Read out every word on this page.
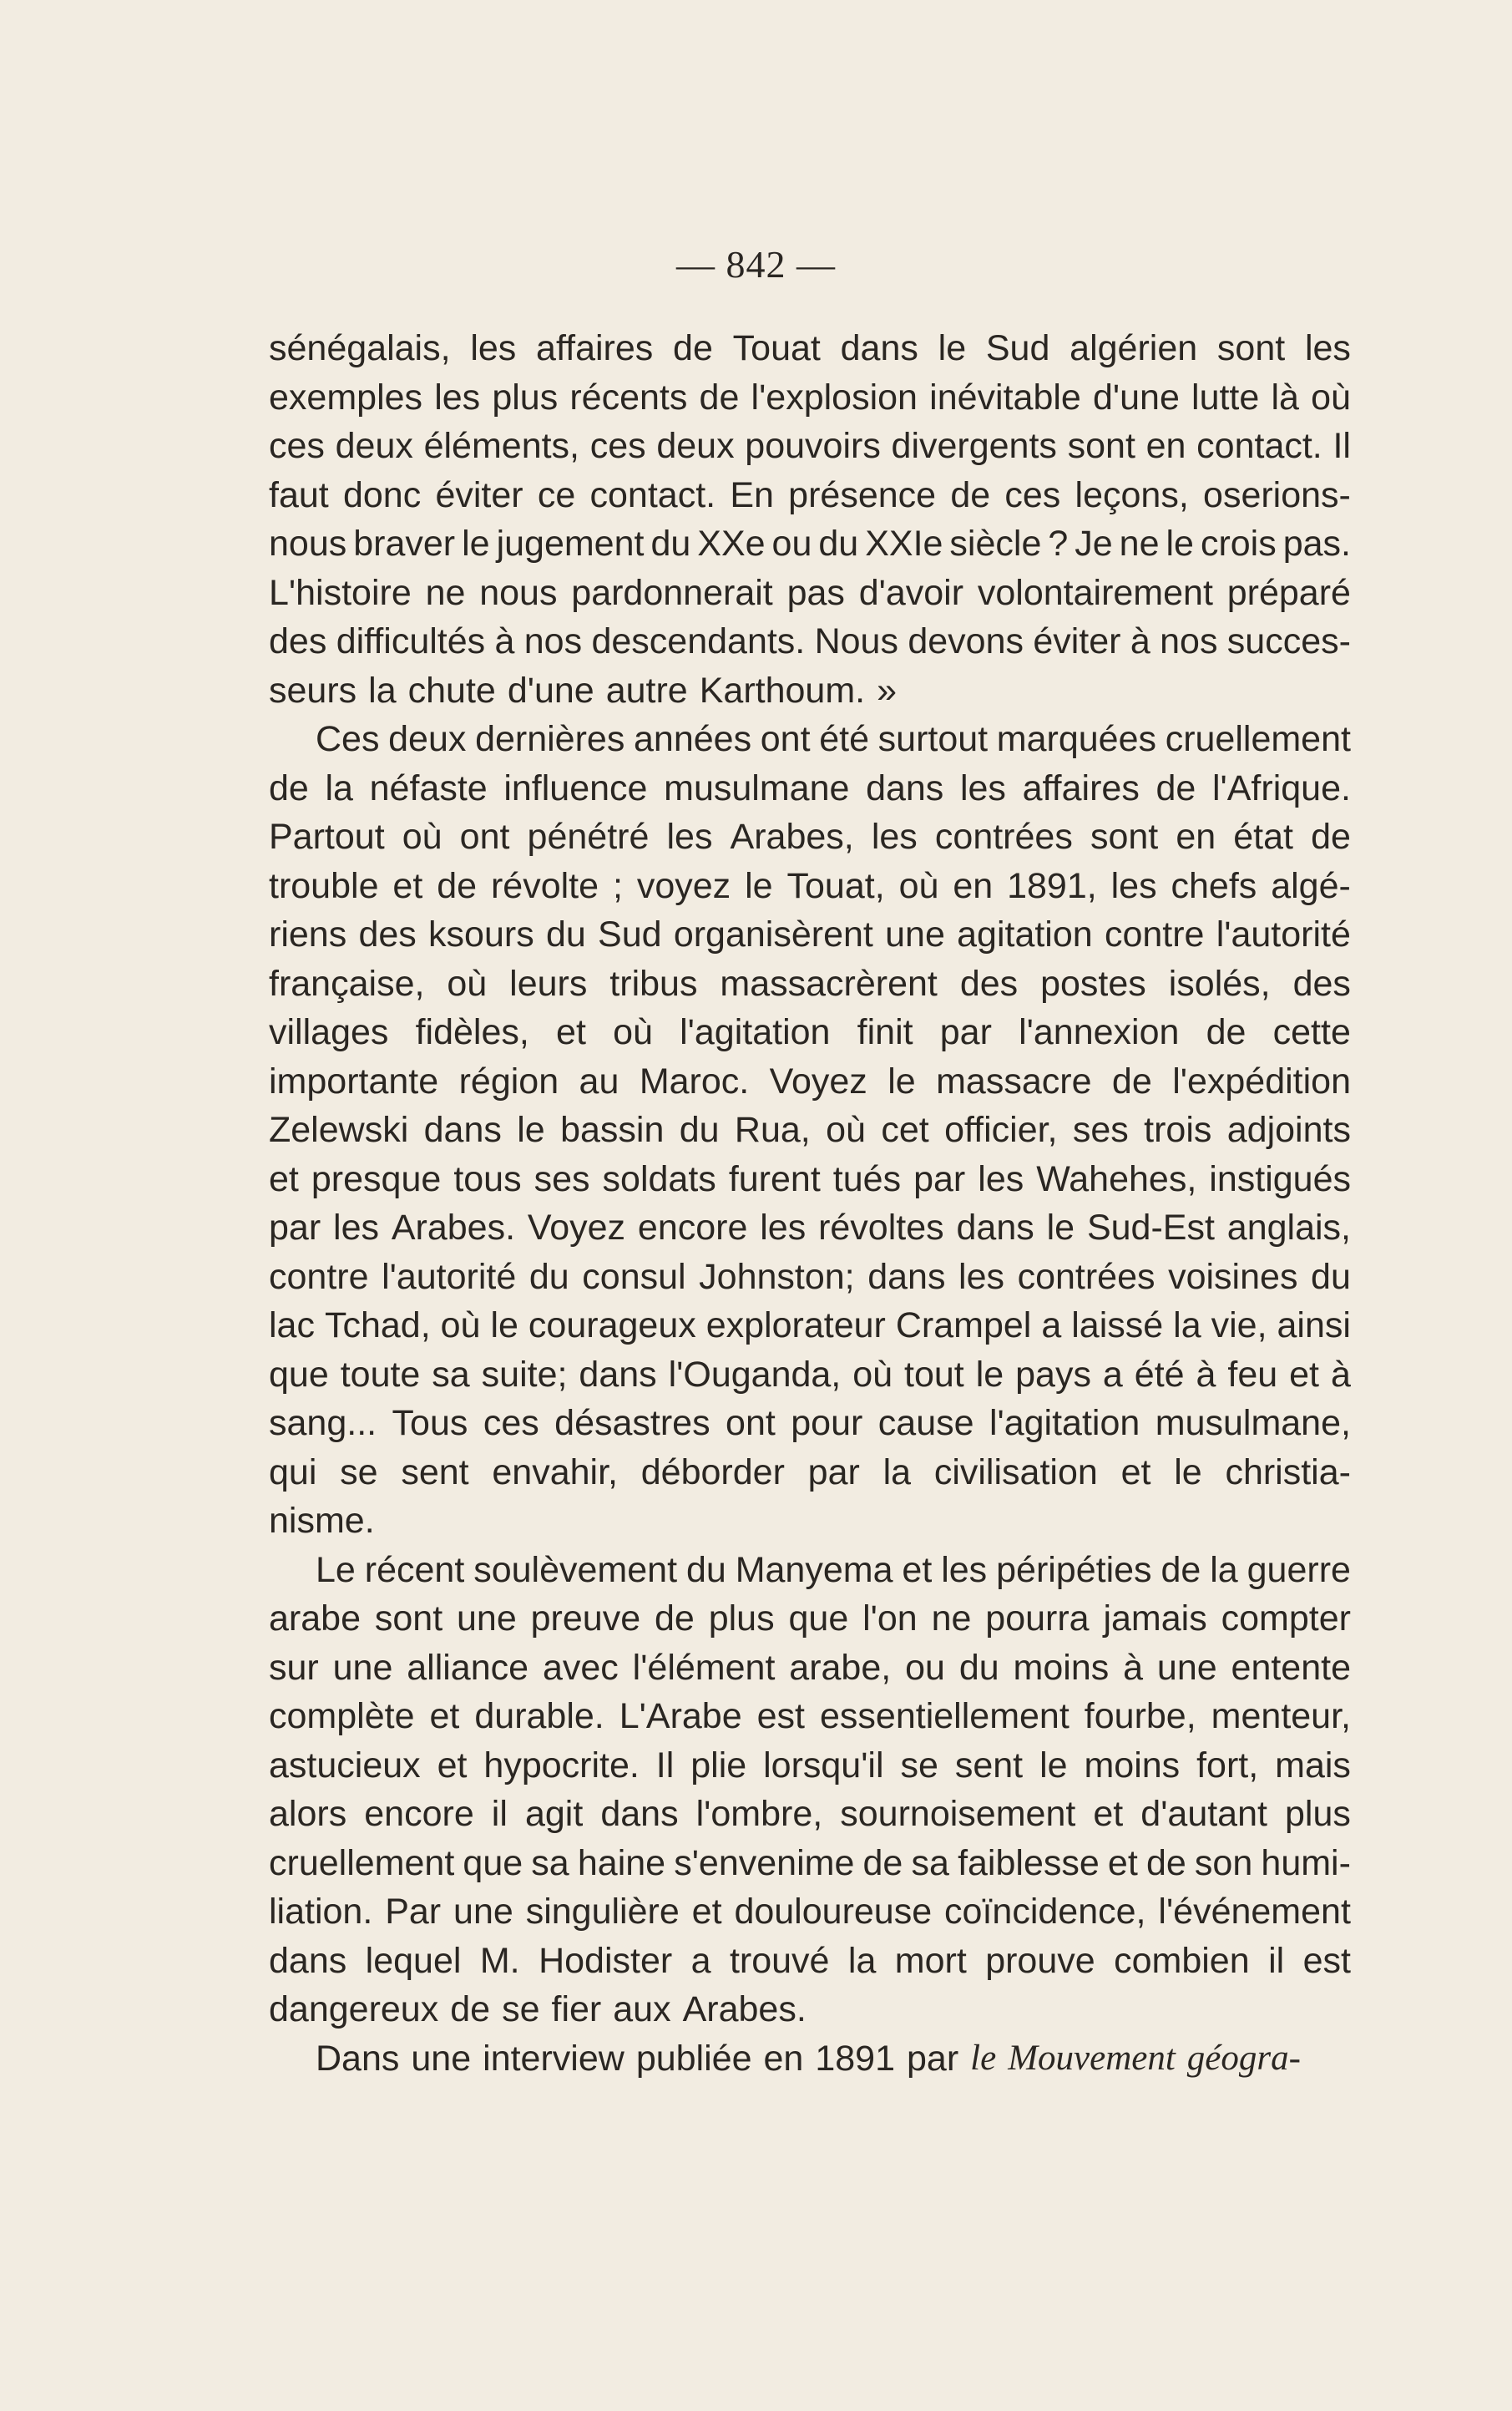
— 842 —
sénégalais, les affaires de Touat dans le Sud algérien sont les
exemples les plus récents de l'explosion inévitable d'une lutte là où
ces deux éléments, ces deux pouvoirs divergents sont en contact. Il
faut donc éviter ce contact. En présence de ces leçons, oserions-
nous braver le jugement du XXe ou du XXIe siècle ? Je ne le crois pas.
L'histoire ne nous pardonnerait pas d'avoir volontairement préparé
des difficultés à nos descendants. Nous devons éviter à nos succes-
seurs la chute d'une autre Karthoum. »
Ces deux dernières années ont été surtout marquées cruellement
de la néfaste influence musulmane dans les affaires de l'Afrique.
Partout où ont pénétré les Arabes, les contrées sont en état de
trouble et de révolte ; voyez le Touat, où en 1891, les chefs algé-
riens des ksours du Sud organisèrent une agitation contre l'autorité
française, où leurs tribus massacrèrent des postes isolés, des
villages fidèles, et où l'agitation finit par l'annexion de cette
importante région au Maroc. Voyez le massacre de l'expédition
Zelewski dans le bassin du Rua, où cet officier, ses trois adjoints
et presque tous ses soldats furent tués par les Wahehes, instigués
par les Arabes. Voyez encore les révoltes dans le Sud-Est anglais,
contre l'autorité du consul Johnston; dans les contrées voisines du
lac Tchad, où le courageux explorateur Crampel a laissé la vie, ainsi
que toute sa suite; dans l'Ouganda, où tout le pays a été à feu et à
sang... Tous ces désastres ont pour cause l'agitation musulmane,
qui se sent envahir, déborder par la civilisation et le christia-
nisme.
Le récent soulèvement du Manyema et les péripéties de la guerre
arabe sont une preuve de plus que l'on ne pourra jamais compter
sur une alliance avec l'élément arabe, ou du moins à une entente
complète et durable. L'Arabe est essentiellement fourbe, menteur,
astucieux et hypocrite. Il plie lorsqu'il se sent le moins fort, mais
alors encore il agit dans l'ombre, sournoisement et d'autant plus
cruellement que sa haine s'envenime de sa faiblesse et de son humi-
liation. Par une singulière et douloureuse coïncidence, l'événement
dans lequel M. Hodister a trouvé la mort prouve combien il est
dangereux de se fier aux Arabes.
Dans une interview publiée en 1891 par le Mouvement géogra-
